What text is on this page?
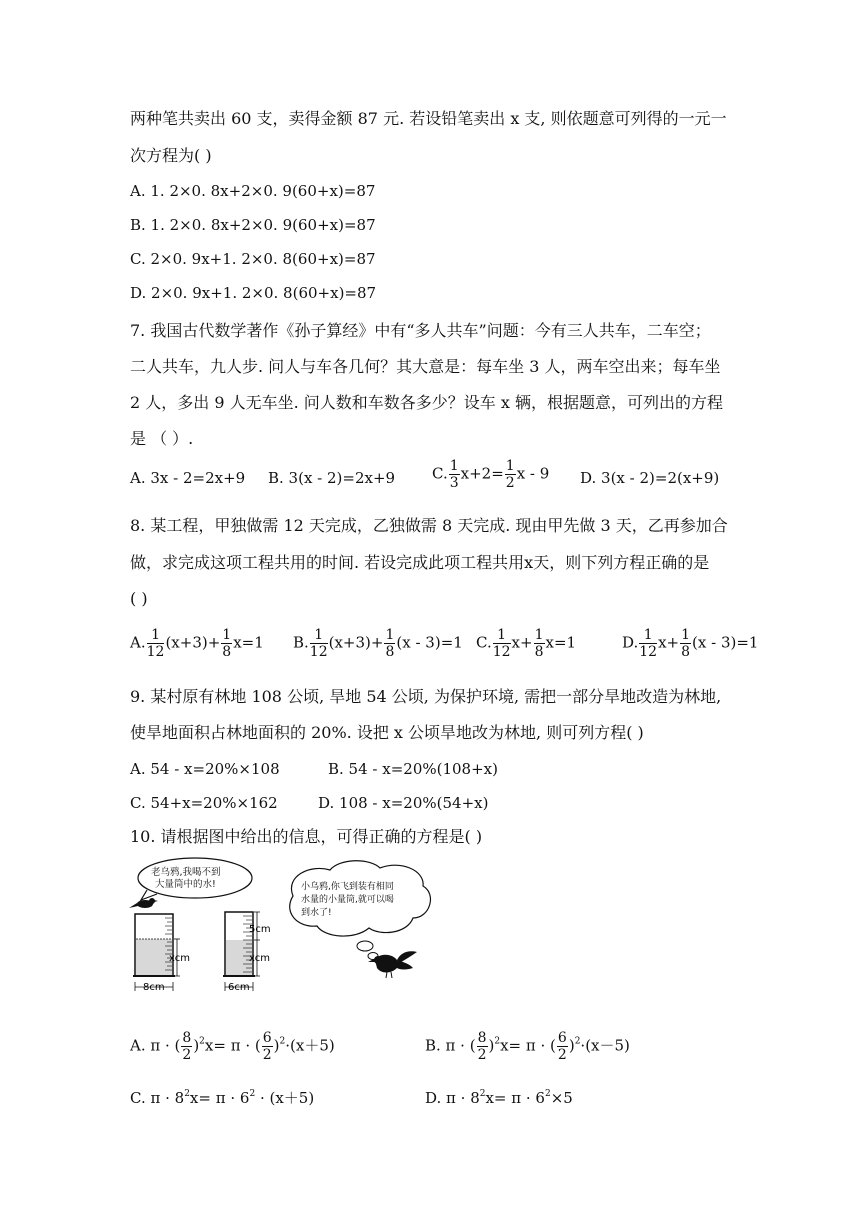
两种笔共卖出 60 支，卖得金额 87 元. 若设铅笔卖出 x 支, 则依题意可列得的一元一
次方程为( )
A. 1. 2×0. 8x+2×0. 9(60+x)=87
B. 1. 2×0. 8x+2×0. 9(60+x)=87
C. 2×0. 9x+1. 2×0. 8(60+x)=87
D. 2×0. 9x+1. 2×0. 8(60+x)=87
7. 我国古代数学著作《孙子算经》中有“多人共车”问题：今有三人共车，二车空；
二人共车，九人步. 问人与车各几何？其大意是：每车坐 3 人，两车空出来；每车坐
2 人，多出 9 人无车坐. 问人数和车数各多少？设车 x 辆，根据题意，可列出的方程
是 （ ）.
A. 3x - 2=2x+9 B. 3(x - 2)=2x+9 C. $\frac{1}{3} x+2= \frac{1}{2}$ x - 9 D. 3(x - 2)=2(x+9)
8. 某工程，甲独做需 12 天完成，乙独做需 8 天完成. 现由甲先做 3 天，乙再参加合
做，求完成这项工程共用的时间. 若设完成此项工程共用x天，则下列方程正确的是
( )
A. $\frac{1}{12} (x+3)+ \frac{1}{8} x=1$ B. $\frac{1}{12} (x+3)+ \frac{1}{8} (x - 3)=1$ C. $\frac{1}{12} x+ \frac{1}{8} x=1$	D. $\frac{1}{12} x+ \frac{1}{8} (x - 3)=1$
9. 某村原有林地 108 公顷, 旱地 54 公顷, 为保护环境, 需把一部分旱地改造为林地,
使旱地面积占林地面积的 20%. 设把 x 公顷旱地改为林地, 则可列方程( )
A. 54 - x=20%×108	B. 54 - x=20%(108+x)
C. 54+x=20%×162	D. 108 - x=20%(54+x)
10. 请根据图中给出的信息，可得正确的方程是( )
老乌鸦,我喝不到
大量筒中的水!
xcm
8cm
5cm
xcm
6cm
小乌鸦,你飞到装有相同
水量的小量筒,就可以喝
到水了!
A. π · ( $\frac{8}{2} )^2x= \pi$ · ( $\frac{6}{2} )^2\cdot(x+5)$	B. π · ( $\frac{8}{2} )^2x= \pi$ · ( $\frac{6}{2} )^2\cdot(x-5)$
C. $\pi \cdot 8^2x= \pi \cdot 6^2 \cdot (x+5)$	D. $\pi \cdot 8^2x= \pi \cdot 6^2\times 5$
